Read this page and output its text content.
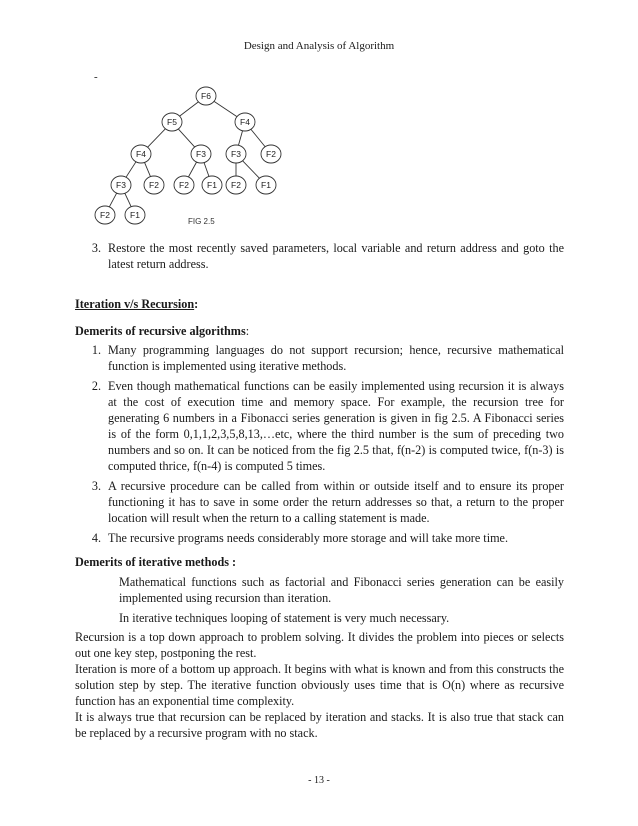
Design and Analysis of Algorithm
-
F6
F5	F4
F4	F3	F3	F2
F3	F2 F2 F1 F2 F1
F2 F1
FIG 2.5
3. Restore the most recently saved parameters, local variable and return address and goto the latest return address.
Iteration v/s Recursion:
Demerits of recursive algorithms:
1. Many programming languages do not support recursion; hence, recursive mathematical function is implemented using iterative methods.
2. Even though mathematical functions can be easily implemented using recursion it is always at the cost of execution time and memory space. For example, the recursion tree for generating 6 numbers in a Fibonacci series generation is given in fig 2.5. A Fibonacci series is of the form 0,1,1,2,3,5,8,13,…etc, where the third number is the sum of preceding two numbers and so on. It can be noticed from the fig 2.5 that, f(n-2) is computed twice, f(n-3) is computed thrice, f(n-4) is computed 5 times.
3. A recursive procedure can be called from within or outside itself and to ensure its proper functioning it has to save in some order the return addresses so that, a return to the proper location will result when the return to a calling statement is made.
4. The recursive programs needs considerably more storage and will take more time.
Demerits of iterative methods :
Mathematical functions such as factorial and Fibonacci series generation can be easily implemented using recursion than iteration.
In iterative techniques looping of statement is very much necessary.

Recursion is a top down approach to problem solving. It divides the problem into pieces or selects out one key step, postponing the rest.

Iteration is more of a bottom up approach. It begins with what is known and from this constructs the solution step by step. The iterative function obviously uses time that is O(n) where as recursive function has an exponential time complexity.

It is always true that recursion can be replaced by iteration and stacks. It is also true that stack can be replaced by a recursive program with no stack.

- 13 -
